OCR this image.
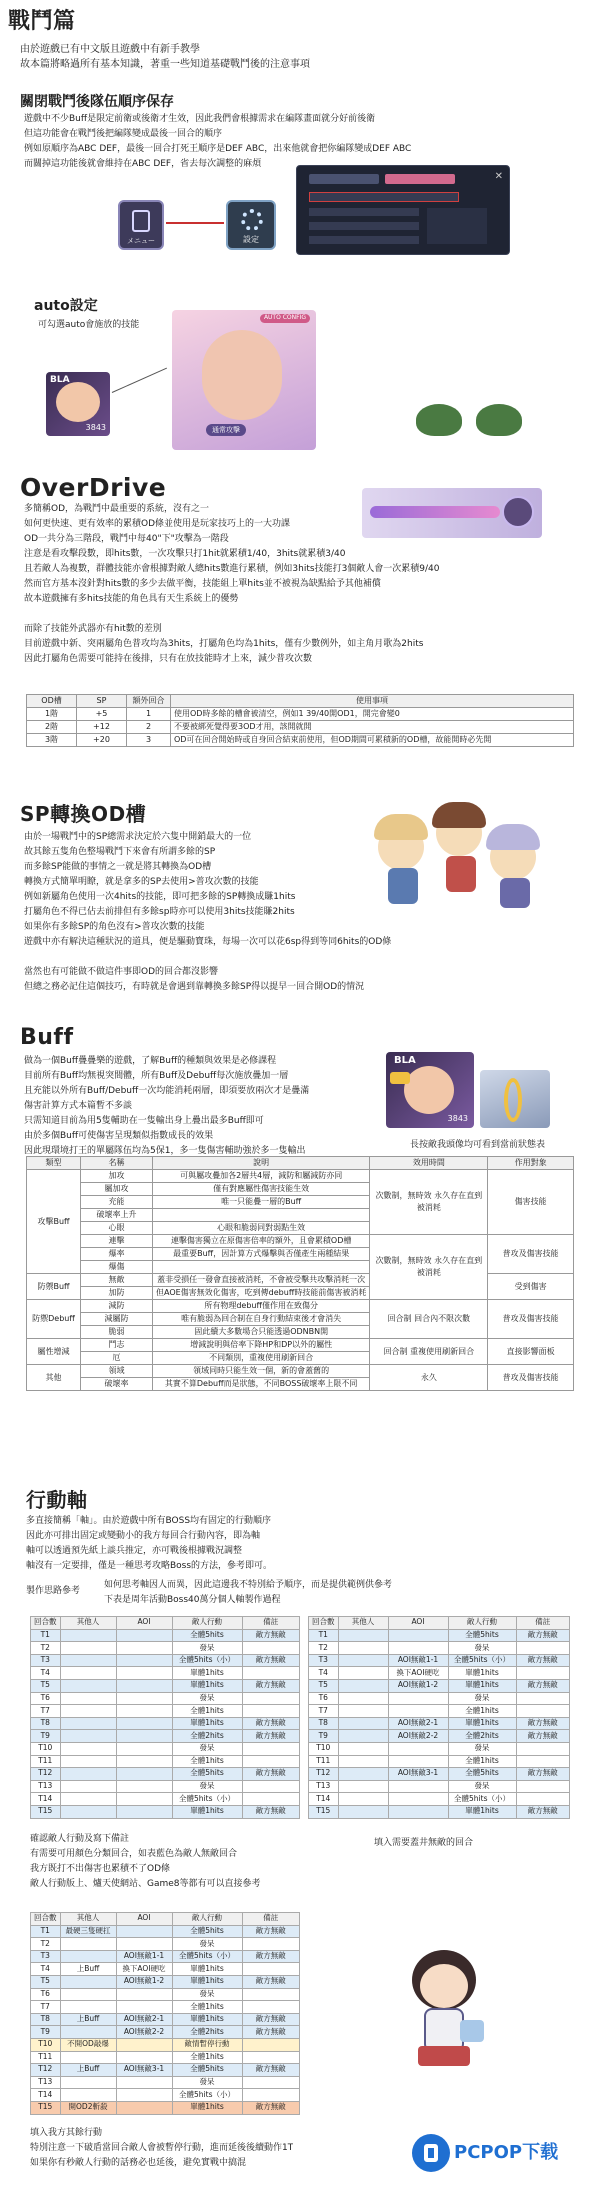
戰鬥篇
由於遊戲已有中文版且遊戲中有新手教學
故本篇將略過所有基本知識，著重一些知道基礎戰鬥後的注意事項
關閉戰鬥後隊伍順序保存
遊戲中不少Buff是限定前衛或後衛才生效，因此我們會根據需求在編隊畫面就分好前後衛
但這功能會在戰鬥後把編隊變成最後一回合的順序
例如原順序為ABC DEF，最後一回合打死王順序是DEF ABC，出來他就會把你編隊變成DEF ABC
而關掉這功能後就會維持在ABC DEF，省去每次調整的麻煩
メニュー	設定
✕
auto設定
可勾選auto會施放的技能
BLA
3843
AUTO CONFIG
通常攻撃
OverDrive
多簡稱OD，為戰鬥中最重要的系統，沒有之一
如何更快速、更有效率的累積OD條並使用是玩家技巧上的一大功課
OD一共分為三階段，戰鬥中每40"下"攻擊為一階段
注意是看攻擊段數，即hits數，一次攻擊只打1hit就累積1/40，3hits就累積3/40
且若敵人為複數，群體技能亦會根據對敵人總hits數進行累積，例如3hits技能打3個敵人會一次累積9/40
然而官方基本沒針對hits數的多少去做平衡，技能組上單hits並不被視為缺點給予其他補償
故本遊戲擁有多hits技能的角色具有天生系統上的優勢
而除了技能外武器亦有hit數的差別
目前遊戲中新、突兩屬角色普攻均為3hits，打屬角色均為1hits，僅有少數例外，如主角月歌為2hits
因此打屬角色需要可能持在後排，只有在放技能時才上來，減少普攻次數
OD槽	SP	額外回合	使用事項
1階	+5	1	使用OD時多餘的槽會被清空，例如1 39/40開OD1，開完會變0
2階	+12	2	不要被綁死覺得要3OD才用，該開就開
3階	+20	3	OD可在回合開始時或自身回合結束前使用，但OD期間可累積新的OD槽，故能開時必先開
SP轉換OD槽
由於一場戰鬥中的SP總需求決定於六隻中開銷最大的一位
故其餘五隻角色整場戰鬥下來會有所謂多餘的SP
而多餘SP能做的事情之一就是將其轉換為OD槽
轉換方式簡單明瞭，就是拿多的SP去使用>普攻次數的技能
例如新屬角色使用一次4hits的技能，即可把多餘的SP轉換成賺1hits
打屬角色不得已佔去前排但有多餘sp時亦可以使用3hits技能賺2hits
如果你有多餘SP的角色沒有>普攻次數的技能
遊戲中亦有解決這種狀況的道具，便是驅動寶珠，每場一次可以花6sp得到等同6hits的OD條
當然也有可能做不做這件事即OD的回合都沒影響
但總之務必記住這個技巧，有時就是會遇到靠轉換多餘SP得以提早一回合開OD的情況
Buff
做為一個Buff疊疊樂的遊戲，了解Buff的種類與效果是必修課程
目前所有Buff均無視突間體，所有Buff及Debuff每次施放疊加一層
且充能以外所有Buff/Debuff一次均能消耗兩層，即須要放兩次才是疊滿
傷害計算方式本篇暫不多談
只需知道目前為用5隻輔助在一隻輸出身上疊出最多Buff即可
由於多個Buff可使傷害呈現類似指數成長的效果
因此現環境打王的單屬隊伍均為5保1，多一隻傷害輔助強於多一隻輸出
BLA
3843
長按敵我頭像均可看到當前狀態表
類型	名稱	說明	效用時間	作用對象
攻擊Buff	加攻	可與屬攻疊加各2層共4層，減防和屬減防亦同	次數制，無時效 永久存在直到被消耗	傷害技能
	屬加攻	僅有對應屬性傷害技能生效		
	充能	唯一只能疊一層的Buff		
	破壞率上升			
	心眼	心眼和脆弱同對弱點生效		
	連擊	連擊傷害獨立在原傷害倍率的額外，且會累積OD槽	次數制，無時效 永久存在直到被消耗	普攻及傷害技能
	爆率	最重要Buff，因計算方式爆擊與否僅產生兩種結果		
	爆傷			
防禦Buff	無敵	蓋非受損任一發會直接被消耗，不會被受擊共攻擊消耗一次		受到傷害
	加防	但AOE傷害無效化傷害，吃到傳debuff時技能前傷害被消耗		
防禦Debuff	減防	所有物理debuff僅作用在致傷分	回合制 回合內不限次數	普攻及傷害技能
	減屬防	唯有脆弱為回合制在自身行動結束後才會消失		
	脆弱	固此續大多數場合只能透過ODNBN開		
屬性增減	鬥志	增減說明與倍率下降HP和DP以外的屬性	回合制 重複使用刷新回合	直接影響面板
	厄	不同類別，重複使用刷新回合		
其他	領域	領域同時只能生效一個，新的會蓋舊的	永久	普攻及傷害技能
	破壞率	其實不算Debuff而是狀態，不同BOSS破壞率上限不同		
行動軸
多直接簡稱「軸」。由於遊戲中所有BOSS均有固定的行動順序
因此亦可排出固定或變動小的我方每回合行動內容，即為軸
軸可以透過預先紙上談兵推定，亦可戰後根據戰況調整
軸沒有一定要排，僅是一種思考攻略Boss的方法，參考即可。
製作思路參考
如何思考軸因人而異，因此這邊我不特別給予順序，而是提供範例供參考
下表是周年活動Boss40萬分個人軸製作過程
回合數	其他人	AOI	敵人行動	備註
T1			全體5hits	敵方無敵
T2			發呆	
T3			全體5hits（小）	敵方無敵
T4			單體1hits	
T5			單體1hits	敵方無敵
T6			發呆	
T7			全體1hits	
T8			單體1hits	敵方無敵
T9			全體2hits	敵方無敵
T10			發呆	
T11			全體1hits	
T12			全體5hits	敵方無敵
T13			發呆	
T14			全體5hits（小）	
T15			單體1hits	敵方無敵
回合數	其他人	AOI	敵人行動	備註
T1			全體5hits	敵方無敵
T2			發呆	
T3		AOI無敵1-1	全體5hits（小）	敵方無敵
T4		換下AOI硬吃	單體1hits	
T5		AOI無敵1-2	單體1hits	敵方無敵
T6			發呆	
T7			全體1hits	
T8		AOI無敵2-1	單體1hits	敵方無敵
T9		AOI無敵2-2	全體2hits	敵方無敵
T10			發呆	
T11			全體1hits	
T12		AOI無敵3-1	全體5hits	敵方無敵
T13			發呆	
T14			全體5hits（小）	
T15			單體1hits	敵方無敵
填入需要蓋井無敵的回合
確認敵人行動及寫下備註
有需要可用顏色分類回合，如表藍色為敵人無敵回合
我方既打不出傷害也累積不了OD條
敵人行動版上、爐天使網站、Game8等都有可以直接參考
回合數	其他人	AOI	敵人行動	備註
T1	最硬三隻硬扛		全體5hits	敵方無敵
T2			發呆	
T3		AOI無敵1-1	全體5hits（小）	敵方無敵
T4	上Buff	換下AOI硬吃	單體1hits	
T5		AOI無敵1-2	單體1hits	敵方無敵
T6			發呆	
T7			全體1hits	
T8	上Buff	AOI無敵2-1	單體1hits	敵方無敵
T9		AOI無敵2-2	全體2hits	敵方無敵
T10	不開OD敲爆		敵情暫停行動	
T11			全體1hits	
T12	上Buff	AOI無敵3-1	全體5hits	敵方無敵
T13			發呆	
T14			全體5hits（小）	
T15	開OD2斬殺		單體1hits	敵方無敵
填入我方其餘行動
特別注意一下破盾當回合敵人會被暫停行動，進而延後後續動作1T
如果你有秒敵人行動的話務必也延後，避免實戰中搞混	PCPOP下载
